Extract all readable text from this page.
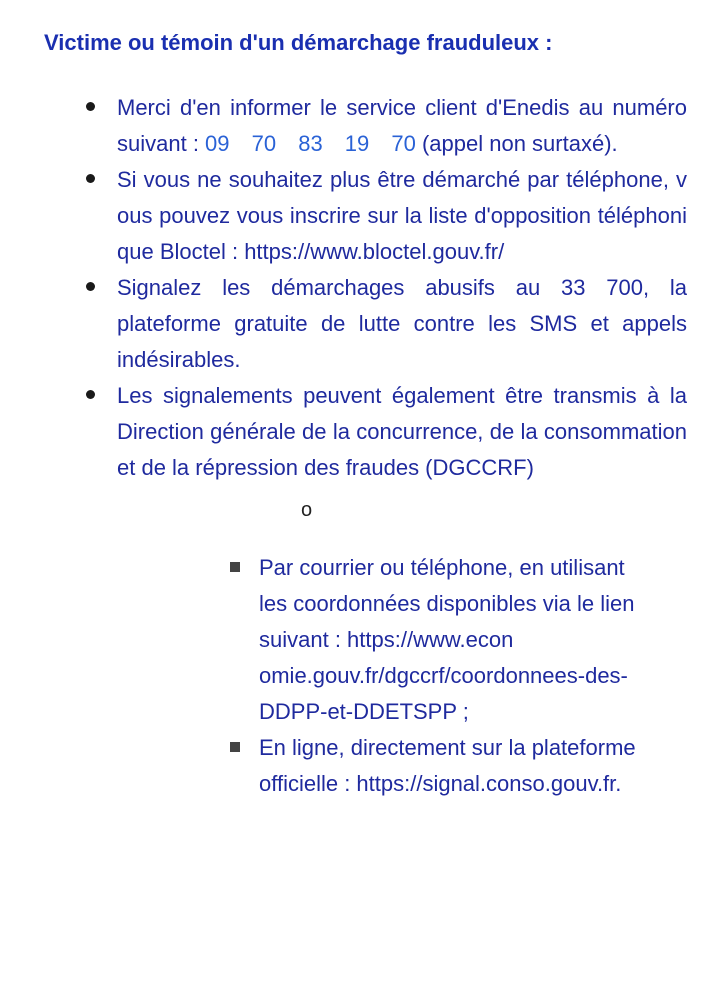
Victime ou témoin d'un démarchage frauduleux :
Merci d'en informer le service client d'Enedis au numéro suivant : 09 70 83 19 70 (appel non surtaxé).
Si vous ne souhaitez plus être démarché par téléphone, vous pouvez vous inscrire sur la liste d'opposition téléphonique Bloctel : https://www.bloctel.gouv.fr/
Signalez les démarchages abusifs au 33 700, la plateforme gratuite de lutte contre les SMS et appels indésirables.
Les signalements peuvent également être transmis à la Direction générale de la concurrence, de la consommation et de la répression des fraudes (DGCCRF)
o
Par courrier ou téléphone, en utilisant
les coordonnées disponibles via le lien
suivant : https://www.econ
omie.gouv.fr/dgccrf/coordonnees-des-
DDPP-et-DDETSPP ;
En ligne, directement sur la plateforme
officielle : https://signal.conso.gouv.fr.
